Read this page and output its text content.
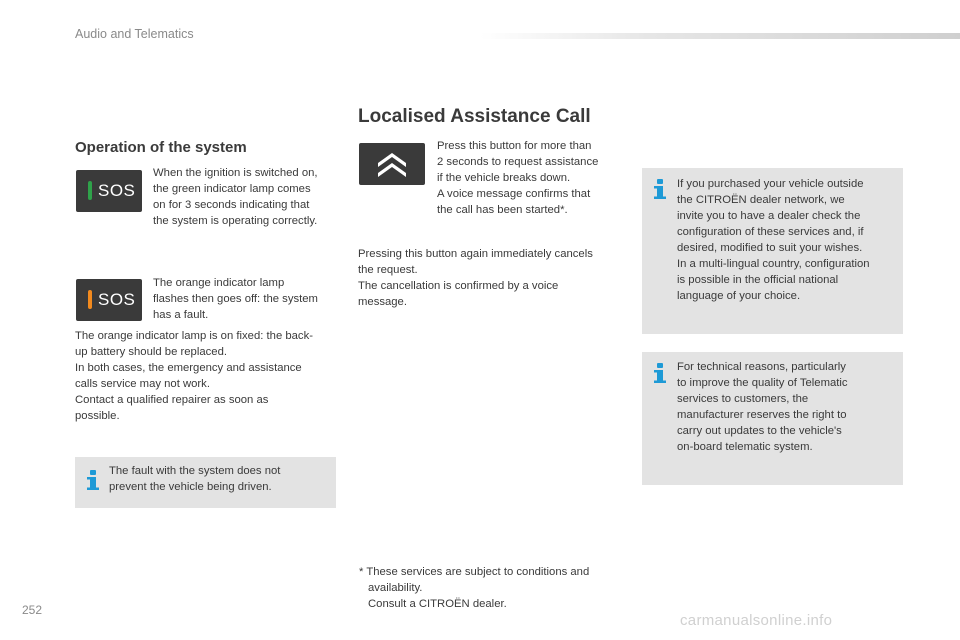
Audio and Telematics
Operation of the system
SOS
When the ignition is switched on,
the green indicator lamp comes
on for 3 seconds indicating that
the system is operating correctly.
SOS
The orange indicator lamp
flashes then goes off: the system
has a fault.
The orange indicator lamp is on fixed: the back-
up battery should be replaced.
In both cases, the emergency and assistance
calls service may not work.
Contact a qualified repairer as soon as
possible.
The fault with the system does not
prevent the vehicle being driven.
Localised Assistance Call
Press this button for more than
2 seconds to request assistance
if the vehicle breaks down.
A voice message confirms that
the call has been started*.
Pressing this button again immediately cancels
the request.
The cancellation is confirmed by a voice
message.
* These services are subject to conditions and
availability.
Consult a CITROËN dealer.
If you purchased your vehicle outside
the CITROËN dealer network, we
invite you to have a dealer check the
configuration of these services and, if
desired, modified to suit your wishes.
In a multi-lingual country, configuration
is possible in the official national
language of your choice.
For technical reasons, particularly
to improve the quality of Telematic
services to customers, the
manufacturer reserves the right to
carry out updates to the vehicle's
on-board telematic system.
252
carmanualsonline.info
